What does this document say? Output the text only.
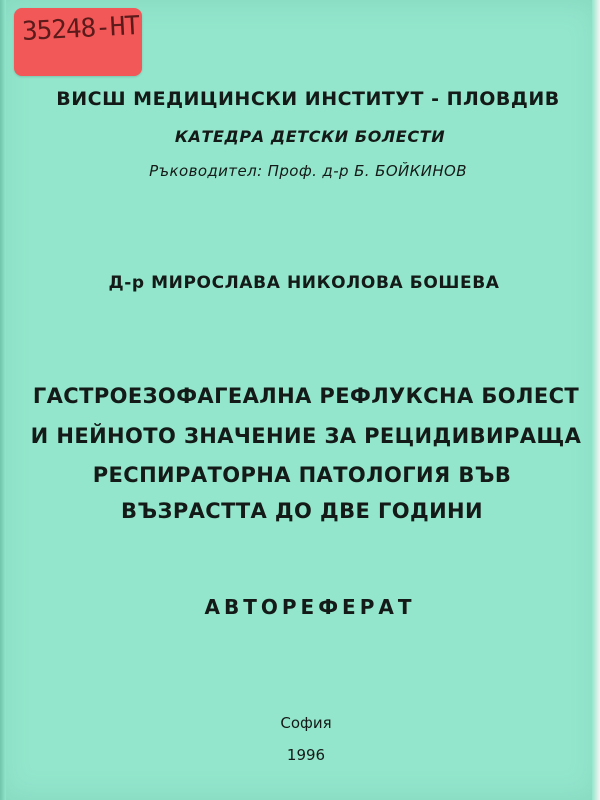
35248-НТ
ВИСШ МЕДИЦИНСКИ ИНСТИТУТ - ПЛОВДИВ
КАТЕДРА ДЕТСКИ БОЛЕСТИ
Ръководител: Проф. д-р Б. БОЙКИНОВ
Д-р МИРОСЛАВА НИКОЛОВА БОШЕВА
ГАСТРОЕЗОФАГЕАЛНА РЕФЛУКСНА БОЛЕСТ
И НЕЙНОТО ЗНАЧЕНИЕ ЗА РЕЦИДИВИРАЩА
РЕСПИРАТОРНА ПАТОЛОГИЯ ВЪВ
ВЪЗРАСТТА ДО ДВЕ ГОДИНИ
АВТОРЕФЕРАТ
София
1996
